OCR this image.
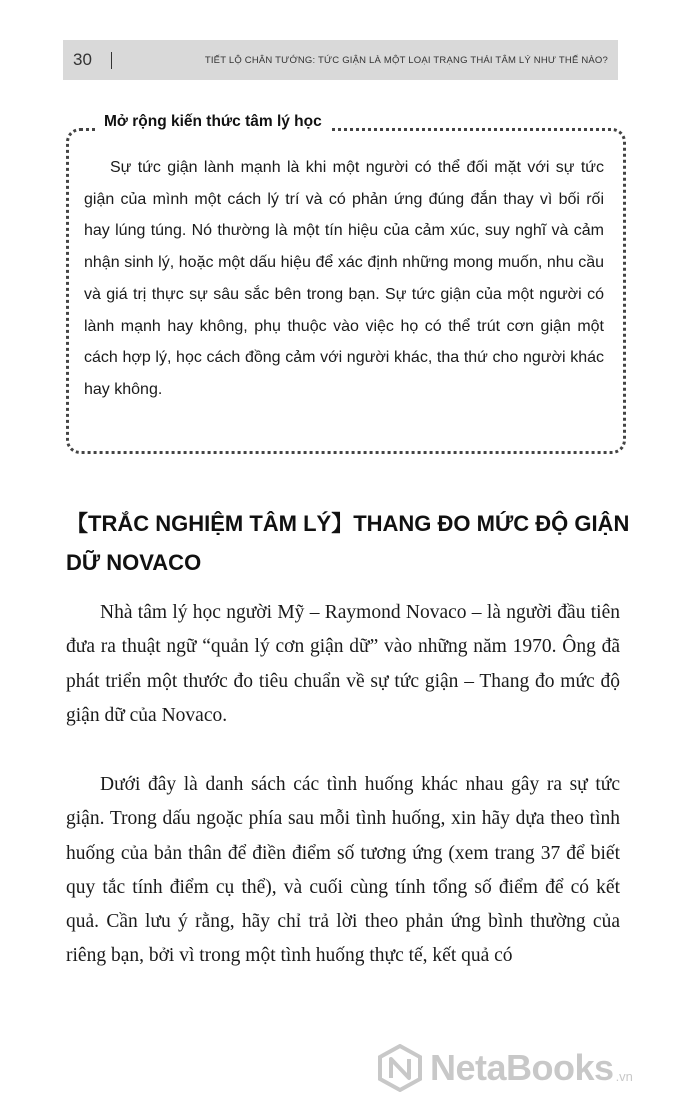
30	TIẾT LỘ CHÂN TƯỚNG: TỨC GIẬN LÀ MỘT LOẠI TRẠNG THÁI TÂM LÝ NHƯ THẾ NÀO?
Mở rộng kiến thức tâm lý học

Sự tức giận lành mạnh là khi một người có thể đối mặt với sự tức giận của mình một cách lý trí và có phản ứng đúng đắn thay vì bối rối hay lúng túng. Nó thường là một tín hiệu của cảm xúc, suy nghĩ và cảm nhận sinh lý, hoặc một dấu hiệu để xác định những mong muốn, nhu cầu và giá trị thực sự sâu sắc bên trong bạn. Sự tức giận của một người có lành mạnh hay không, phụ thuộc vào việc họ có thể trút cơn giận một cách hợp lý, học cách đồng cảm với người khác, tha thứ cho người khác hay không.

【TRẮC NGHIỆM TÂM LÝ】THANG ĐO MỨC ĐỘ GIẬN DỮ NOVACO

Nhà tâm lý học người Mỹ – Raymond Novaco – là người đầu tiên đưa ra thuật ngữ “quản lý cơn giận dữ” vào những năm 1970. Ông đã phát triển một thước đo tiêu chuẩn về sự tức giận – Thang đo mức độ giận dữ của Novaco.

Dưới đây là danh sách các tình huống khác nhau gây ra sự tức giận. Trong dấu ngoặc phía sau mỗi tình huống, xin hãy dựa theo tình huống của bản thân để điền điểm số tương ứng (xem trang 37 để biết quy tắc tính điểm cụ thể), và cuối cùng tính tổng số điểm để có kết quả. Cần lưu ý rằng, hãy chỉ trả lời theo phản ứng bình thường của riêng bạn, bởi vì trong một tình huống thực tế, kết quả có

NetaBooks .vn
